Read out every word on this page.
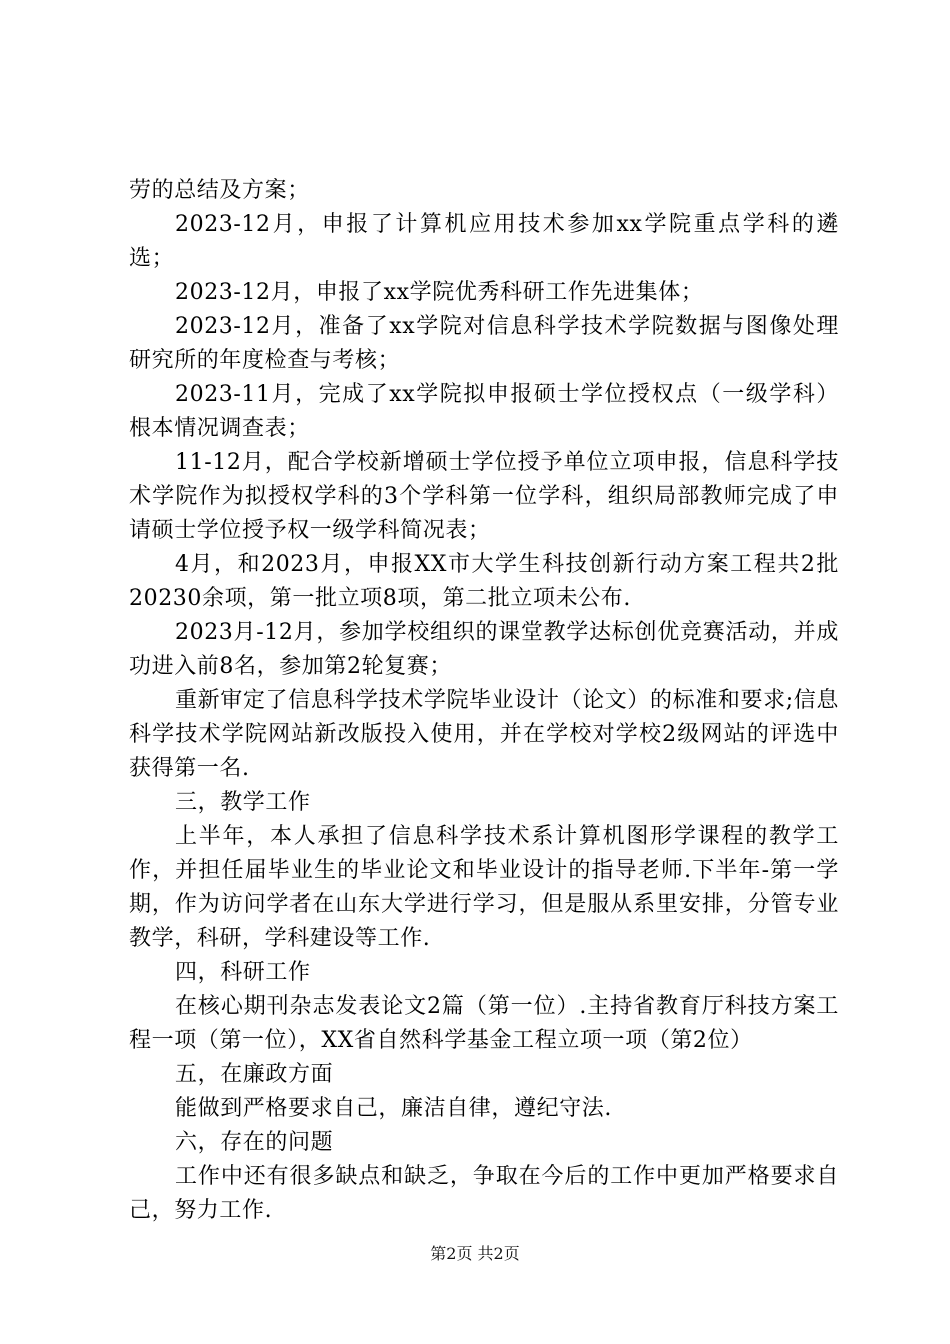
劳的总结及方案；

2023-12月，申报了计算机应用技术参加xx学院重点学科的遴选；

2023-12月，申报了xx学院优秀科研工作先进集体；

2023-12月，准备了xx学院对信息科学技术学院数据与图像处理研究所的年度检查与考核；

2023-11月，完成了xx学院拟申报硕士学位授权点（一级学科）根本情况调查表；

11-12月，配合学校新增硕士学位授予单位立项申报，信息科学技术学院作为拟授权学科的3个学科第一位学科，组织局部教师完成了申请硕士学位授予权一级学科简况表；

4月，和2023月，申报XX市大学生科技创新行动方案工程共2批20230余项，第一批立项8项，第二批立项未公布.

2023月-12月，参加学校组织的课堂教学达标创优竞赛活动，并成功进入前8名，参加第2轮复赛；

重新审定了信息科学技术学院毕业设计（论文）的标准和要求;信息科学技术学院网站新改版投入使用，并在学校对学校2级网站的评选中获得第一名.

三，教学工作

上半年，本人承担了信息科学技术系计算机图形学课程的教学工作，并担任届毕业生的毕业论文和毕业设计的指导老师.下半年-第一学期，作为访问学者在山东大学进行学习，但是服从系里安排，分管专业教学，科研，学科建设等工作.

四，科研工作

在核心期刊杂志发表论文2篇（第一位）.主持省教育厅科技方案工程一项（第一位），XX省自然科学基金工程立项一项（第2位）

五，在廉政方面

能做到严格要求自己，廉洁自律，遵纪守法.

六，存在的问题

工作中还有很多缺点和缺乏，争取在今后的工作中更加严格要求自己，努力工作.

第2页 共2页
